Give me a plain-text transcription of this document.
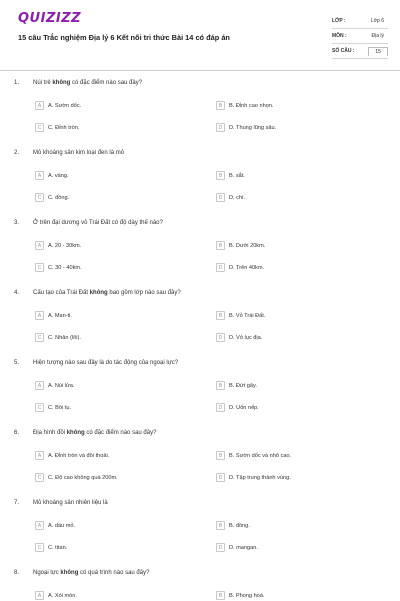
QUIZIZZ
15 câu Trắc nghiệm Địa lý 6 Kết nối tri thức Bài 14 có đáp án
LỚP :	Lớp 6
MÔN :	Địa lý
SỐ CÂU :	15
1. Núi trẻ không có đặc điểm nào sau đây?
A	A. Sườn dốc.	B	B. Đỉnh cao nhọn.
C	C. Đỉnh tròn.	D	D. Thung lũng sâu.
2. Mỏ khoáng sản kim loại đen là mỏ
A	A. vàng.	B	B. sắt.
C	C. đồng.	D	D. chì.
3. Ở trên đại dương vỏ Trái Đất có độ dày thế nào?
A	A. 20 - 30km.	B	B. Dưới 20km.
C	C. 30 - 40km.	D	D. Trên 40km.
4. Cấu tạo của Trái Đất không bao gồm lớp nào sau đây?
A	A. Man-ti.	B	B. Vỏ Trái Đất.
C	C. Nhân (lõi).	D	D. Vỏ lục địa.
5. Hiện tượng nào sau đây là do tác động của ngoại lực?
A	A. Núi lửa.	B	B. Đứt gãy.
C	C. Bồi tụ.	D	D. Uốn nếp.
6. Địa hình đồi không có đặc điểm nào sau đây?
A	A. Đỉnh tròn và đồi thoải.	B	B. Sườn dốc và nhô cao.
C	C. Độ cao không quá 200m.	D	D. Tập trung thành vùng.
7. Mỏ khoáng sản nhiên liệu là
A	A. dầu mỏ.	B	B. đồng.
C	C. titan.	D	D. mangan.
8. Ngoại lực không có quá trình nào sau đây?
A	A. Xói mòn.	B	B. Phong hoá.
